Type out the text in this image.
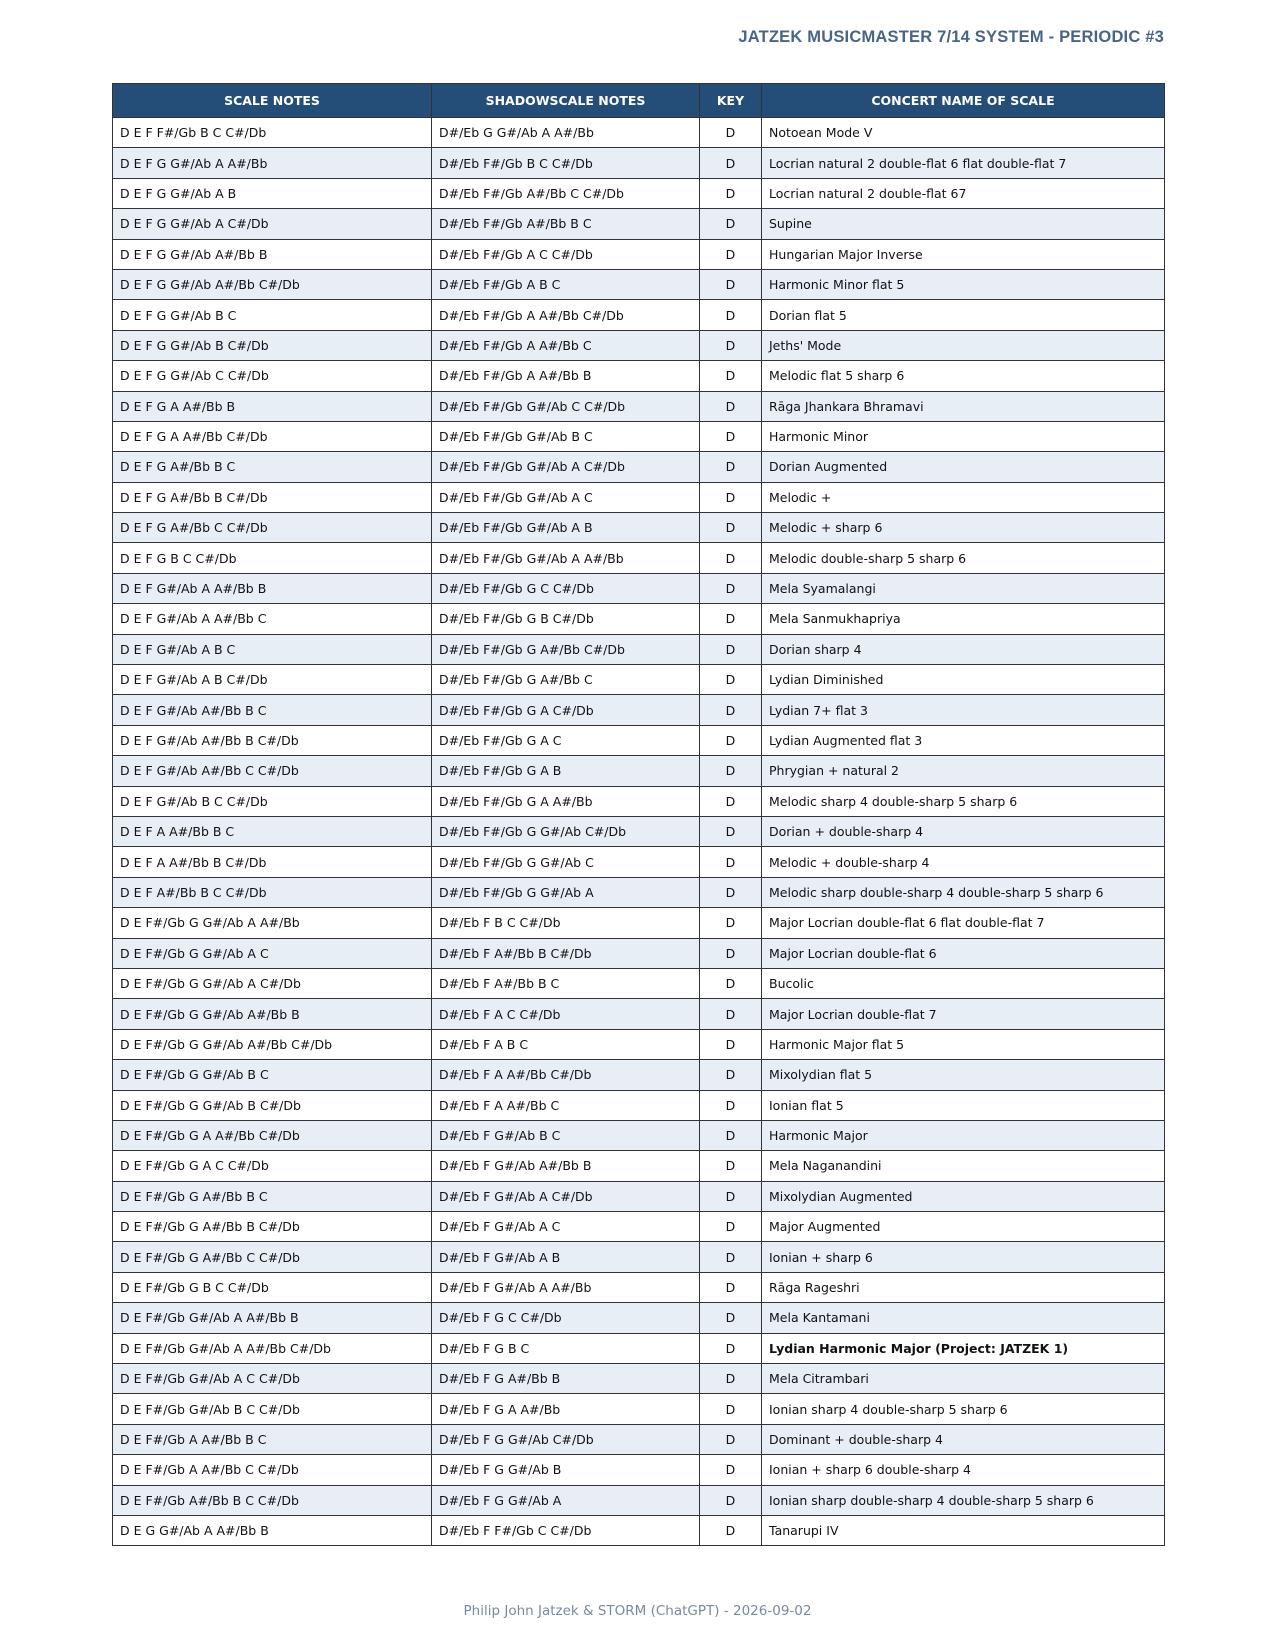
JATZEK MUSICMASTER 7/14 SYSTEM - PERIODIC #3
SCALE NOTES	SHADOWSCALE NOTES	KEY	CONCERT NAME OF SCALE
D E F F#/Gb B C C#/Db	D#/Eb G G#/Ab A A#/Bb	D	Notoean Mode V
D E F G G#/Ab A A#/Bb	D#/Eb F#/Gb B C C#/Db	D	Locrian natural 2 double-flat 6 flat double-flat 7
D E F G G#/Ab A B	D#/Eb F#/Gb A#/Bb C C#/Db	D	Locrian natural 2 double-flat 67
D E F G G#/Ab A C#/Db	D#/Eb F#/Gb A#/Bb B C	D	Supine
D E F G G#/Ab A#/Bb B	D#/Eb F#/Gb A C C#/Db	D	Hungarian Major Inverse
D E F G G#/Ab A#/Bb C#/Db	D#/Eb F#/Gb A B C	D	Harmonic Minor flat 5
D E F G G#/Ab B C	D#/Eb F#/Gb A A#/Bb C#/Db	D	Dorian flat 5
D E F G G#/Ab B C#/Db	D#/Eb F#/Gb A A#/Bb C	D	Jeths' Mode
D E F G G#/Ab C C#/Db	D#/Eb F#/Gb A A#/Bb B	D	Melodic flat 5 sharp 6
D E F G A A#/Bb B	D#/Eb F#/Gb G#/Ab C C#/Db	D	Rāga Jhankara Bhramavi
D E F G A A#/Bb C#/Db	D#/Eb F#/Gb G#/Ab B C	D	Harmonic Minor
D E F G A#/Bb B C	D#/Eb F#/Gb G#/Ab A C#/Db	D	Dorian Augmented
D E F G A#/Bb B C#/Db	D#/Eb F#/Gb G#/Ab A C	D	Melodic +
D E F G A#/Bb C C#/Db	D#/Eb F#/Gb G#/Ab A B	D	Melodic + sharp 6
D E F G B C C#/Db	D#/Eb F#/Gb G#/Ab A A#/Bb	D	Melodic double-sharp 5 sharp 6
D E F G#/Ab A A#/Bb B	D#/Eb F#/Gb G C C#/Db	D	Mela Syamalangi
D E F G#/Ab A A#/Bb C	D#/Eb F#/Gb G B C#/Db	D	Mela Sanmukhapriya
D E F G#/Ab A B C	D#/Eb F#/Gb G A#/Bb C#/Db	D	Dorian sharp 4
D E F G#/Ab A B C#/Db	D#/Eb F#/Gb G A#/Bb C	D	Lydian Diminished
D E F G#/Ab A#/Bb B C	D#/Eb F#/Gb G A C#/Db	D	Lydian 7+ flat 3
D E F G#/Ab A#/Bb B C#/Db	D#/Eb F#/Gb G A C	D	Lydian Augmented flat 3
D E F G#/Ab A#/Bb C C#/Db	D#/Eb F#/Gb G A B	D	Phrygian + natural 2
D E F G#/Ab B C C#/Db	D#/Eb F#/Gb G A A#/Bb	D	Melodic sharp 4 double-sharp 5 sharp 6
D E F A A#/Bb B C	D#/Eb F#/Gb G G#/Ab C#/Db	D	Dorian + double-sharp 4
D E F A A#/Bb B C#/Db	D#/Eb F#/Gb G G#/Ab C	D	Melodic + double-sharp 4
D E F A#/Bb B C C#/Db	D#/Eb F#/Gb G G#/Ab A	D	Melodic sharp double-sharp 4 double-sharp 5 sharp 6
D E F#/Gb G G#/Ab A A#/Bb	D#/Eb F B C C#/Db	D	Major Locrian double-flat 6 flat double-flat 7
D E F#/Gb G G#/Ab A C	D#/Eb F A#/Bb B C#/Db	D	Major Locrian double-flat 6
D E F#/Gb G G#/Ab A C#/Db	D#/Eb F A#/Bb B C	D	Bucolic
D E F#/Gb G G#/Ab A#/Bb B	D#/Eb F A C C#/Db	D	Major Locrian double-flat 7
D E F#/Gb G G#/Ab A#/Bb C#/Db	D#/Eb F A B C	D	Harmonic Major flat 5
D E F#/Gb G G#/Ab B C	D#/Eb F A A#/Bb C#/Db	D	Mixolydian flat 5
D E F#/Gb G G#/Ab B C#/Db	D#/Eb F A A#/Bb C	D	Ionian flat 5
D E F#/Gb G A A#/Bb C#/Db	D#/Eb F G#/Ab B C	D	Harmonic Major
D E F#/Gb G A C C#/Db	D#/Eb F G#/Ab A#/Bb B	D	Mela Naganandini
D E F#/Gb G A#/Bb B C	D#/Eb F G#/Ab A C#/Db	D	Mixolydian Augmented
D E F#/Gb G A#/Bb B C#/Db	D#/Eb F G#/Ab A C	D	Major Augmented
D E F#/Gb G A#/Bb C C#/Db	D#/Eb F G#/Ab A B	D	Ionian + sharp 6
D E F#/Gb G B C C#/Db	D#/Eb F G#/Ab A A#/Bb	D	Rāga Rageshri
D E F#/Gb G#/Ab A A#/Bb B	D#/Eb F G C C#/Db	D	Mela Kantamani
D E F#/Gb G#/Ab A A#/Bb C#/Db	D#/Eb F G B C	D	Lydian Harmonic Major (Project: JATZEK 1)
D E F#/Gb G#/Ab A C C#/Db	D#/Eb F G A#/Bb B	D	Mela Citrambari
D E F#/Gb G#/Ab B C C#/Db	D#/Eb F G A A#/Bb	D	Ionian sharp 4 double-sharp 5 sharp 6
D E F#/Gb A A#/Bb B C	D#/Eb F G G#/Ab C#/Db	D	Dominant + double-sharp 4
D E F#/Gb A A#/Bb C C#/Db	D#/Eb F G G#/Ab B	D	Ionian + sharp 6 double-sharp 4
D E F#/Gb A#/Bb B C C#/Db	D#/Eb F G G#/Ab A	D	Ionian sharp double-sharp 4 double-sharp 5 sharp 6
D E G G#/Ab A A#/Bb B	D#/Eb F F#/Gb C C#/Db	D	Tanarupi IV
Philip John Jatzek & STORM (ChatGPT) - 2026-09-02
